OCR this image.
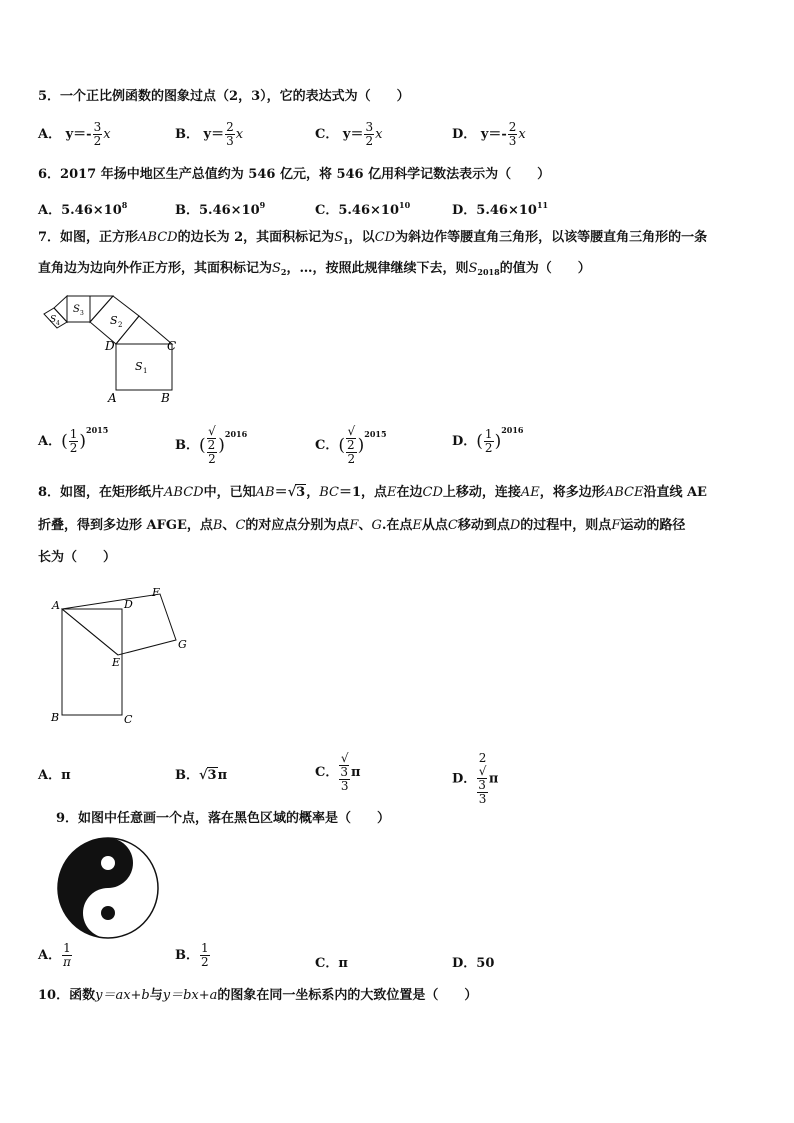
5．一个正比例函数的图象过点（2，3），它的表达式为（　　）
A． $y=- \frac{3}{2}$ x	B． $y= \frac{2}{3}$ x	C． $y= \frac{3}{2}$ x	D． $y=- \frac{2}{3}$ x
6．2017 年扬中地区生产总值约为 546 亿元，将 546 亿用科学记数法表示为（　　）
A．$5.46\times 10^8$	B．$5.46\times 10^9$	C．$5.46\times 10^{10}$	D．$5.46\times 10^{11}$
7．如图，正方形ABCD的边长为 2，其面积标记为$S_1$，以CD为斜边作等腰直角三角形，以该等腰直角三角形的一条
直角边为边向外作正方形，其面积标记为$S_2$，…，按照此规律继续下去，则$S_{2018}$的值为（　　）
D	C
A	B
S 1
S 2
S 3
S 4
A．( $\frac{1}{2} )^{2015}$
B．( √
2
2 )$^{2016}$
C．( √
2
2 )$^{2015}$	D．( $\frac{1}{2} )^{2016}$
8．如图，在矩形纸片ABCD中，已知AB＝√3，BC＝1，点E在边CD上移动，连接AE，将多边形ABCE沿直线 AE
折叠，得到多边形 AFGE，点B、C的对应点分别为点F、G.在点E从点C移动到点D的过程中，则点F运动的路径
长为（　　）
A	D
F
G
E
B	C
A．π	B．√3π	C． √
3
3 π	D． 2
√
3
3 π
9．如图中任意画一个点，落在黑色区域的概率是（　　）
A． $\frac{1}{\pi}$	B． $\frac{1}{2}$	C．π	D．50
10．函数y＝ax+b与y＝bx+a的图象在同一坐标系内的大致位置是（　　）
